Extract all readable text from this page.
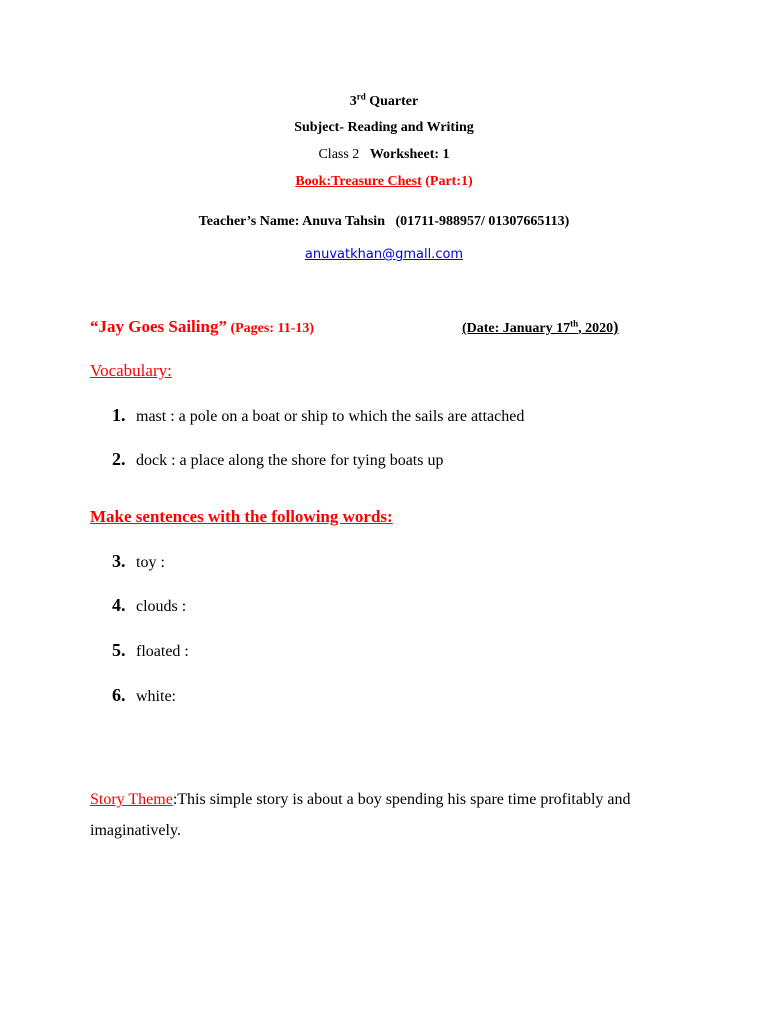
3rd Quarter
Subject- Reading and Writing
Class 2 Worksheet: 1
Book:Treasure Chest (Part:1)
Teacher’s Name: Anuva Tahsin   (01711-988957/ 01307665113)
anuvatkhan@gmall.com
“Jay Goes Sailing” (Pages: 11-13)	(Date: January 17th, 2020)
Vocabulary:
1. mast : a pole on a boat or ship to which the sails are attached
2. dock : a place along the shore for tying boats up
Make sentences with the following words:
3. toy :
4. clouds :
5. floated :
6. white:
Story Theme:This simple story is about a boy spending his spare time profitably and imaginatively.
